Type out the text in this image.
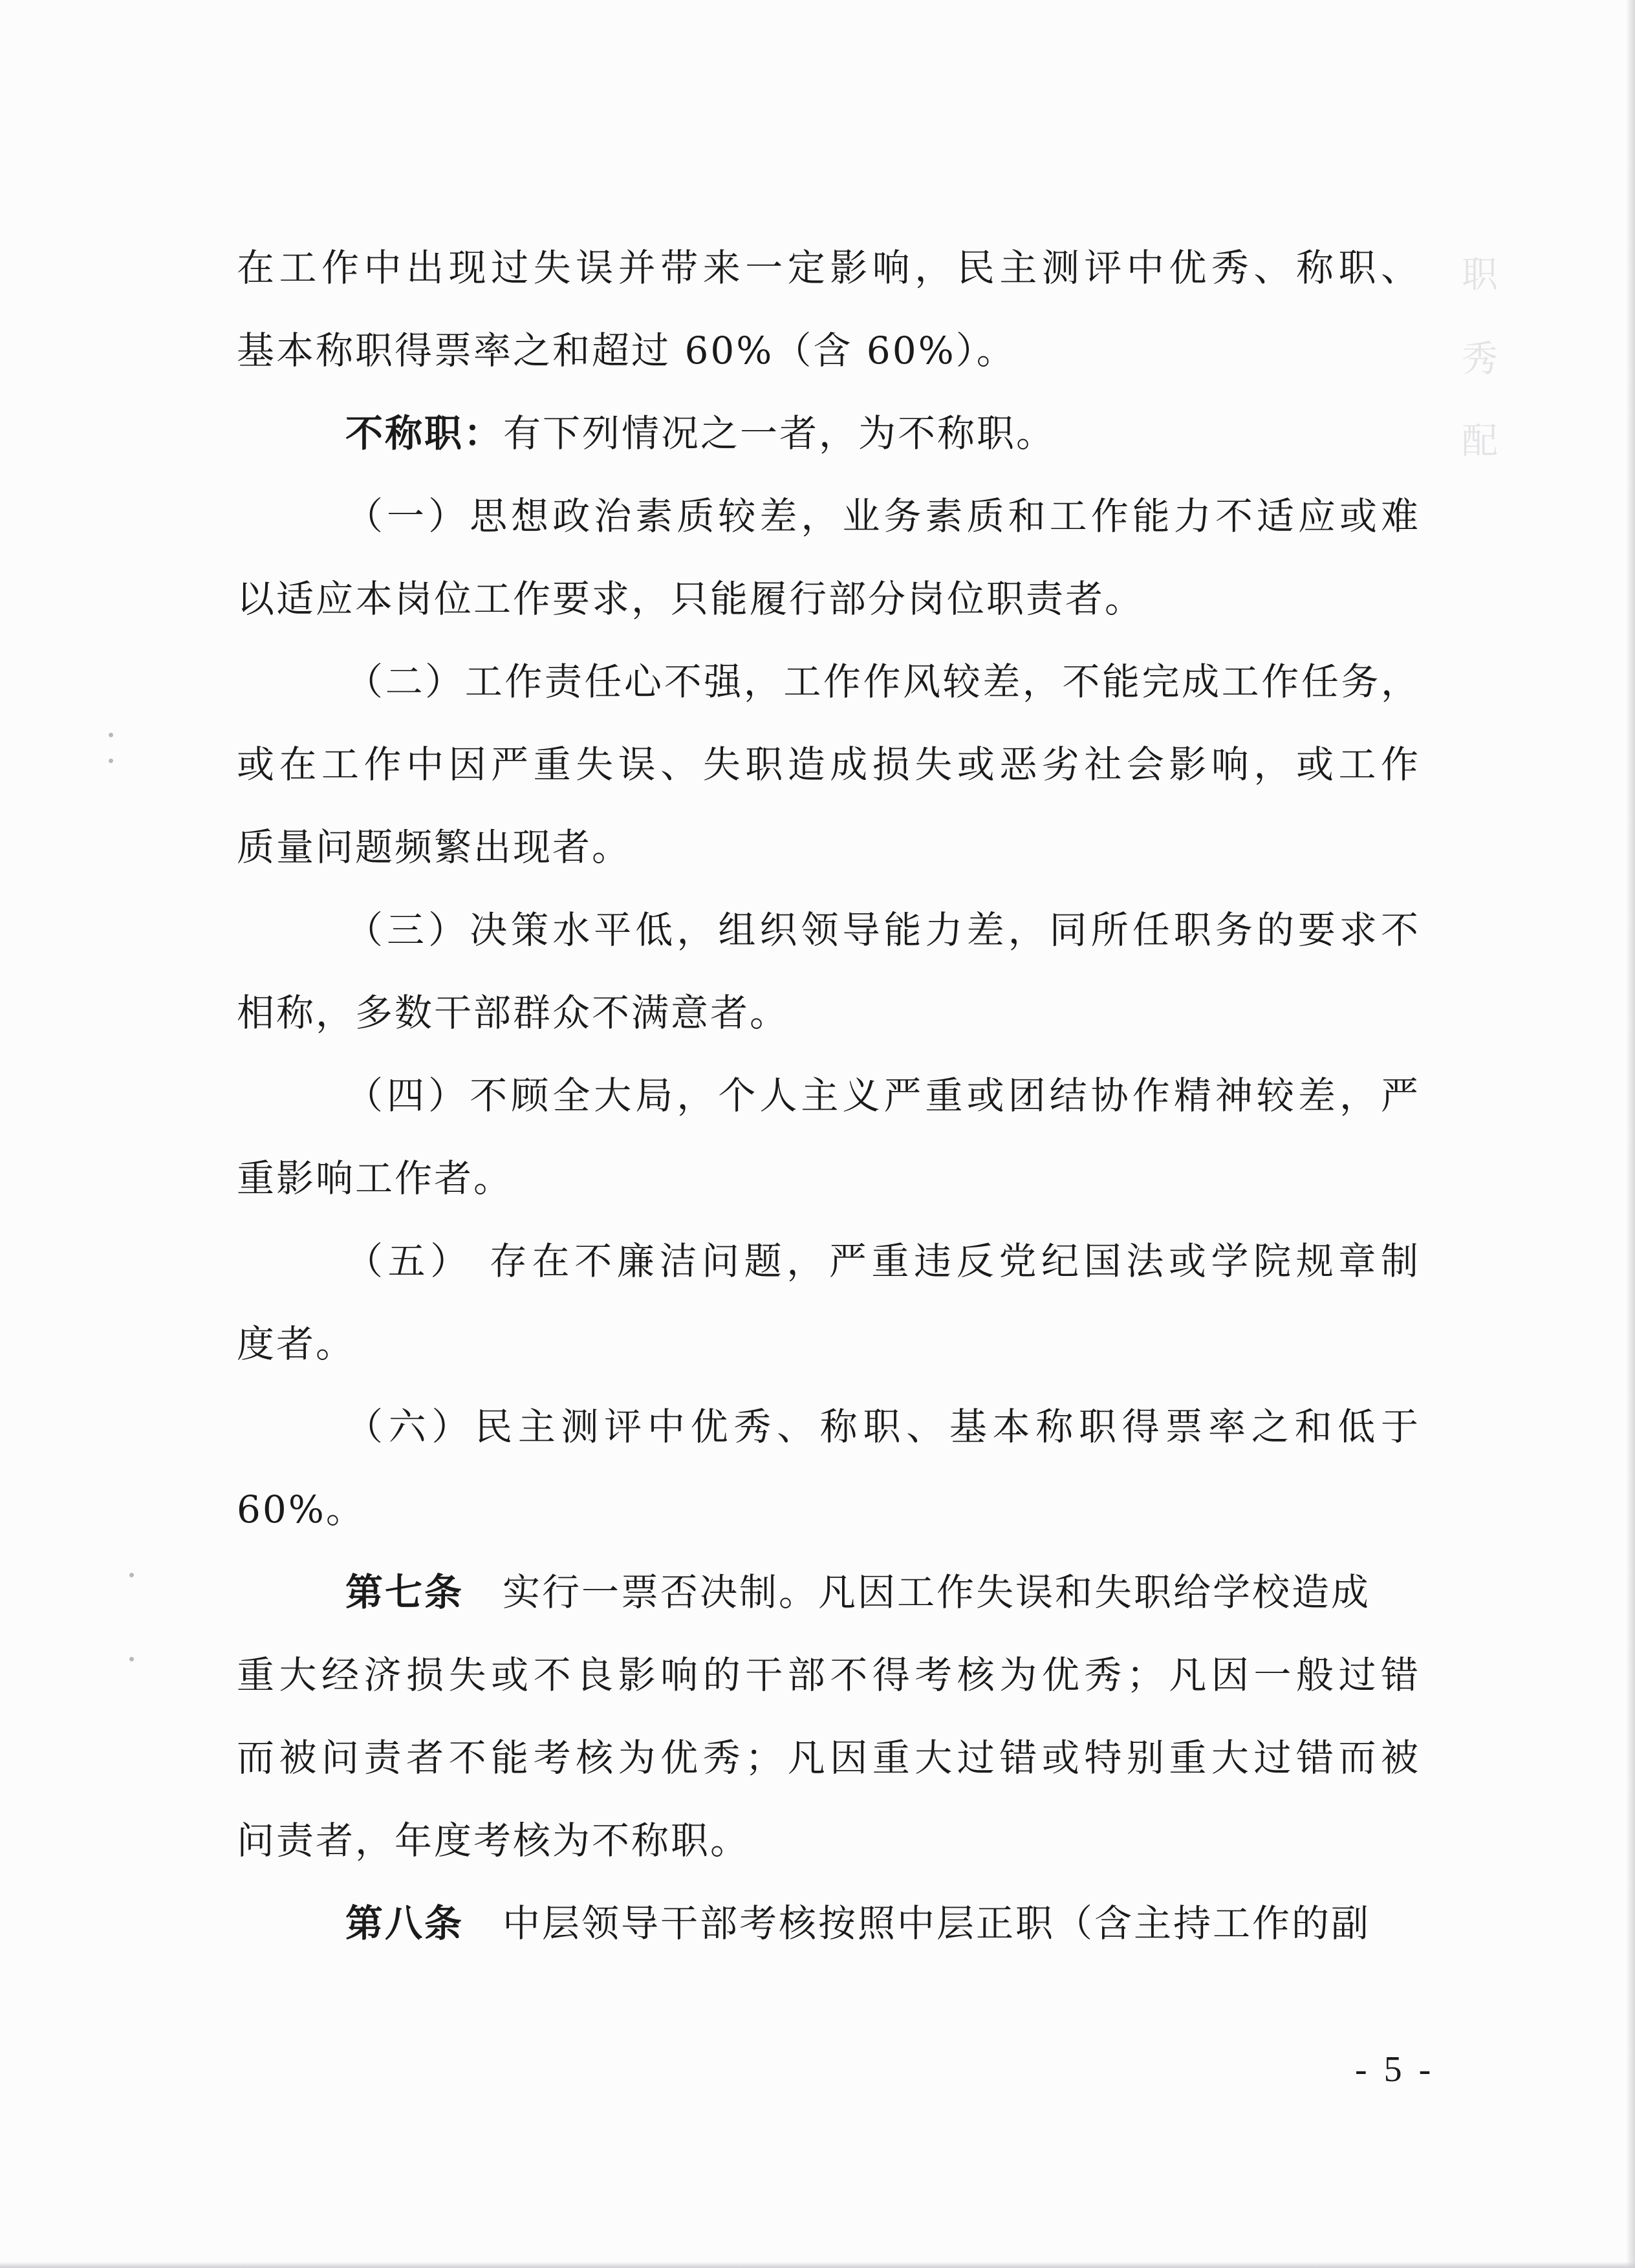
职
秀
配
在工作中出现过失误并带来一定影响，民主测评中优秀、称职、
基本称职得票率之和超过 60%（含 60%）。
不称职：有下列情况之一者，为不称职。
（一）思想政治素质较差，业务素质和工作能力不适应或难
以适应本岗位工作要求，只能履行部分岗位职责者。
（二）工作责任心不强，工作作风较差，不能完成工作任务，
或在工作中因严重失误、失职造成损失或恶劣社会影响，或工作
质量问题频繁出现者。
（三）决策水平低，组织领导能力差，同所任职务的要求不
相称，多数干部群众不满意者。
（四）不顾全大局，个人主义严重或团结协作精神较差，严
重影响工作者。
（五） 存在不廉洁问题，严重违反党纪国法或学院规章制
度者。
（六）民主测评中优秀、称职、基本称职得票率之和低于
60%。
第七条 实行一票否决制。凡因工作失误和失职给学校造成
重大经济损失或不良影响的干部不得考核为优秀；凡因一般过错
而被问责者不能考核为优秀；凡因重大过错或特别重大过错而被
问责者，年度考核为不称职。
第八条 中层领导干部考核按照中层正职（含主持工作的副
- 5 -
